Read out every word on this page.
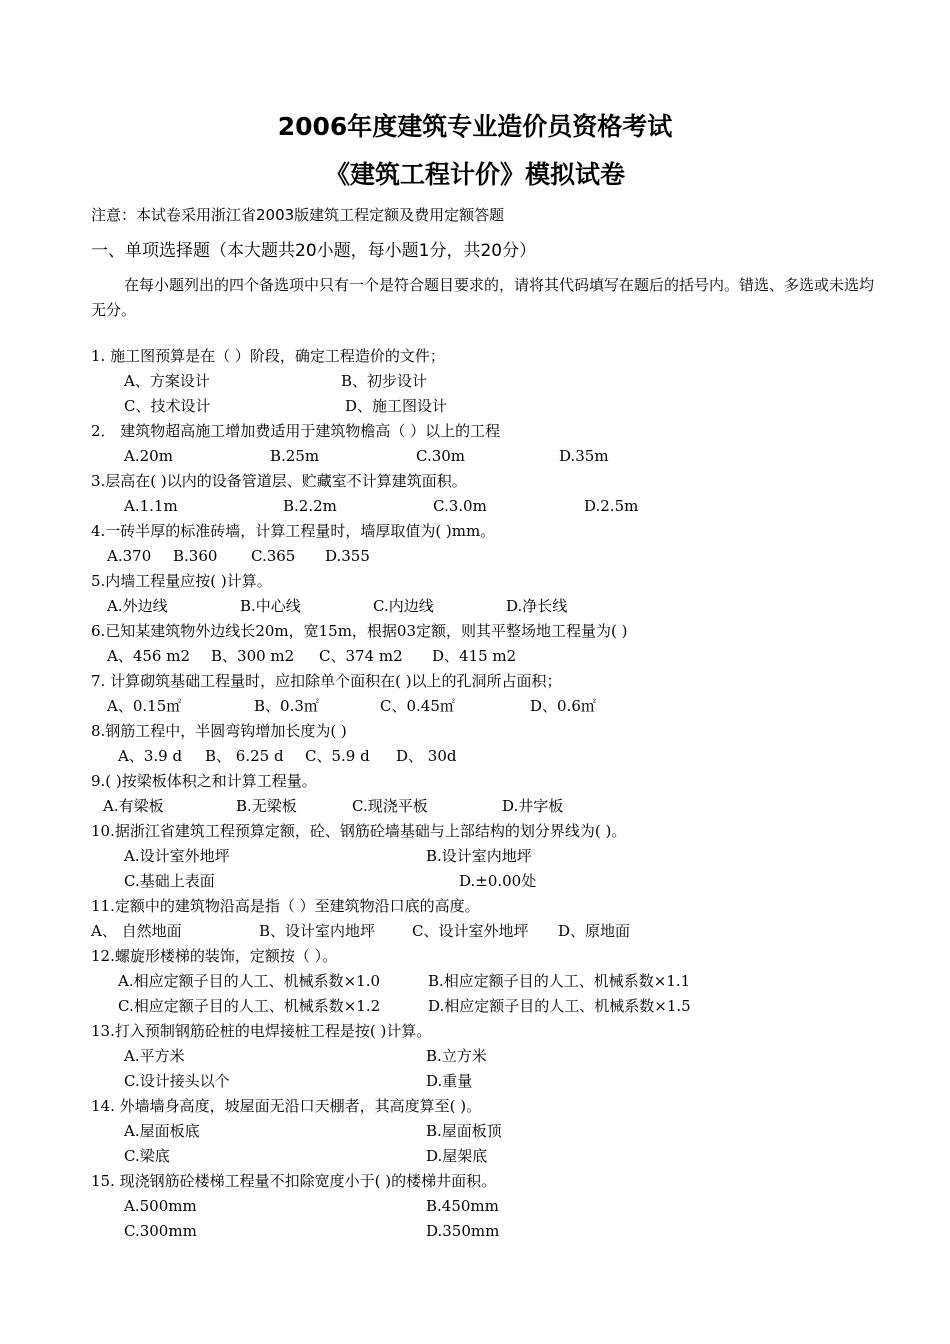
2006年度建筑专业造价员资格考试
《建筑工程计价》模拟试卷
注意：本试卷采用浙江省2003版建筑工程定额及费用定额答题
一、单项选择题（本大题共20小题，每小题1分，共20分）

在每小题列出的四个备选项中只有一个是符合题目要求的，请将其代码填写在题后的括号内。错选、多选或未选均无分。

1. 施工图预算是在（ ）阶段，确定工程造价的文件；
A、方案设计	B、初步设计
C、技术设计	D、施工图设计
2． 建筑物超高施工增加费适用于建筑物檐高（ ）以上的工程
A.20m	B.25m	C.30m	D.35m
3.层高在( )以内的设备管道层、贮藏室不计算建筑面积。
A.1.1m	B.2.2m	C.3.0m	D.2.5m
4.一砖半厚的标准砖墙，计算工程量时，墙厚取值为( )mm。
A.370 B.360 C.365 D.355
5.内墙工程量应按( )计算。
A.外边线	B.中心线	C.内边线	D.净长线
6.已知某建筑物外边线长20m，宽15m，根据03定额，则其平整场地工程量为( )
A、456 m2 B、300 m2 C、374 m2 D、415 m2
7. 计算砌筑基础工程量时，应扣除单个面积在( )以上的孔洞所占面积；
A、0.15㎡	B、0.3㎡	C、0.45㎡	D、0.6㎡
8.钢筋工程中，半圆弯钩增加长度为( )
A、3.9 d B、 6.25 d C、5.9 d D、 30d
9.( )按梁板体积之和计算工程量。
A.有梁板	B.无梁板	C.现浇平板	D.井字板
10.据浙江省建筑工程预算定额，砼、钢筋砼墙基础与上部结构的划分界线为( )。
A.设计室外地坪	B.设计室内地坪
C.基础上表面	D.±0.00处
11.定额中的建筑物沿高是指（ ）至建筑物沿口底的高度。
A、 自然地面	B、设计室内地坪 C、设计室外地坪 D、原地面
12.螺旋形楼梯的装饰，定额按（ ）。
A.相应定额子目的人工、机械系数×1.0	B.相应定额子目的人工、机械系数×1.1
C.相应定额子目的人工、机械系数×1.2	D.相应定额子目的人工、机械系数×1.5
13.打入预制钢筋砼桩的电焊接桩工程是按( )计算。
A.平方米	B.立方米
C.设计接头以个	D.重量
14. 外墙墙身高度，坡屋面无沿口天棚者，其高度算至( )。
A.屋面板底	B.屋面板顶
C.梁底	D.屋架底
15. 现浇钢筋砼楼梯工程量不扣除宽度小于( )的楼梯井面积。
A.500mm	B.450mm
C.300mm	D.350mm
